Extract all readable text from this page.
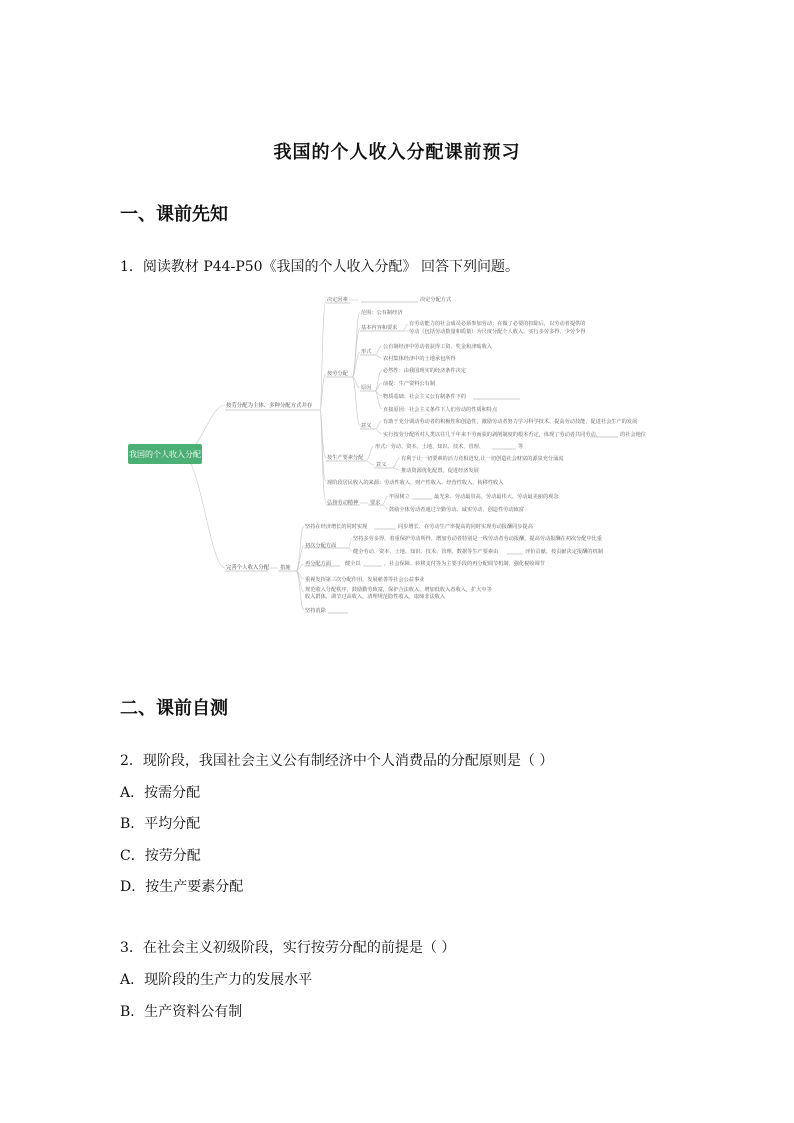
我国的个人收入分配课前预习
一、课前先知
1．阅读教材 P44-P50《我国的个人收入分配》 回答下列问题。
我国的个人收入分配
按劳分配为主体、多种分配方式并存
完善个人收入分配
决定因素	决定分配方式
按劳分配
范围：公有制经济
基本内容和要求
有劳动能力的社会成员必须参加劳动；在做了必要的扣除后，以劳动者提供的
劳动（包括劳动数量和质量）为尺度分配个人收入，实行多劳多得、少劳少得
形式
公有制经济中劳动者获得工资、奖金和津贴收入
农村集体经济中的土地承包所得
原因
必然性：由我国现实的经济条件决定
前提：生产资料公有制
物质基础：社会主义公有制条件下的
直接原因：社会主义条件下人们劳动的性质和特点
意义
有助于充分调动劳动者的积极性和创造性，激励劳动者努力学习科学技术、提高劳动技能，促进社会生产的发展
实行按劳分配所对人类以往几千年来不劳而获的剥削制度的根本否定，体现了劳动者共同劳动、	的社会地位
按生产要素分配
形式：劳动、资本、土地、知识、技术、管理、	等
意义
有利于让一切要素的活力竞相迸发,让一切创造社会财富的源泉充分涌流
推动资源优化配置，促进经济发展
现阶段居民收入的来源：劳动性收入、财产性收入、经营性收入、转移性收入
弘扬劳动精神 要求
牢固树立	最光荣、劳动最崇高、劳动最伟大、劳动最美丽的观念
鼓励全体劳动者通过辛勤劳动、诚实劳动、创造性劳动致富
措施
坚持在经济增长的同时实现	同步增长、在劳动生产率提高的同时实现劳动报酬同步提高
初次分配方面
坚持多劳多得，着重保护劳动所得，增加劳动者特别是一线劳动者劳动报酬，提高劳动报酬在初次分配中比重
健全劳动、资本、土地、知识、技术、管理、数据等生产要素由	评价贡献、按贡献决定报酬的机制
再分配方面	健全以	，社会保障、转移支付等为主要手段的再分配调节机制，强化税收调节
重视发挥第三次分配作用，发展慈善等社会公益事业
规范收入分配秩序，鼓励勤劳致富，保护合法收入，增加低收入者收入，扩大中等
收入群体，调节过高收入，清理规范隐性收入，取缔非法收入
坚持消除
二、课前自测
2．现阶段，我国社会主义公有制经济中个人消费品的分配原则是（ ）
A．按需分配
B．平均分配
C．按劳分配
D．按生产要素分配
3．在社会主义初级阶段，实行按劳分配的前提是（ ）
A．现阶段的生产力的发展水平
B．生产资料公有制
